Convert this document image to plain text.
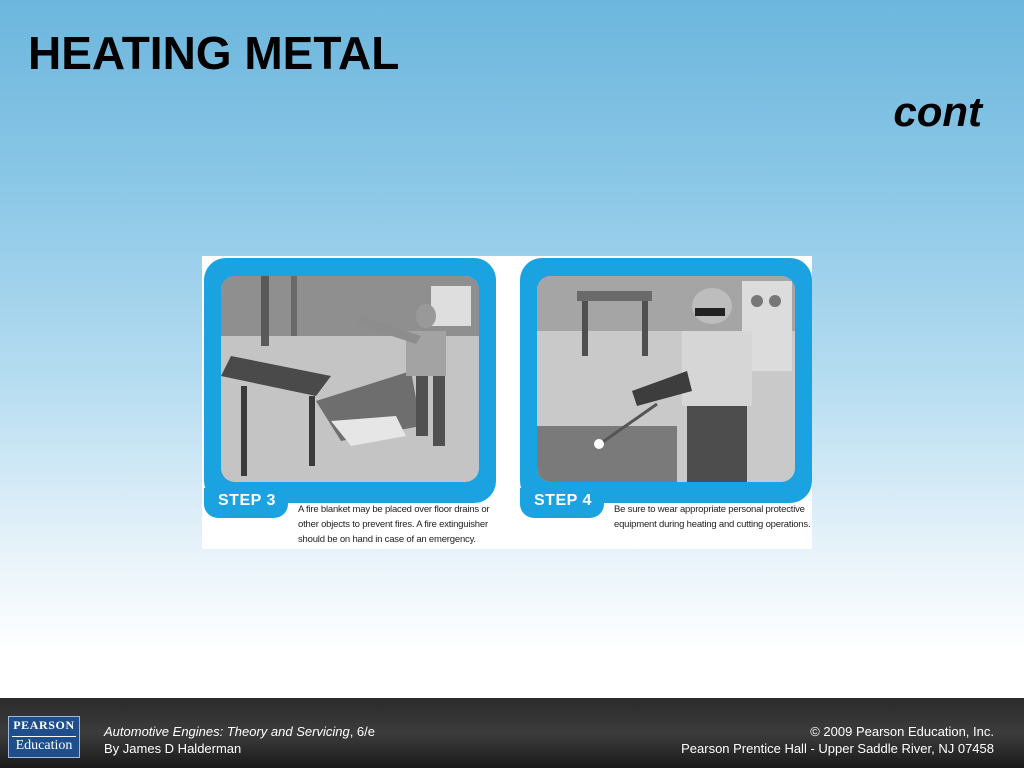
HEATING METAL
cont
STEP 3
A fire blanket may be placed over floor drains or other objects to prevent fires. A fire extinguisher should be on hand in case of an emergency.
STEP 4
Be sure to wear appropriate personal protective equipment during heating and cutting operations.
PEARSON
Education
Automotive Engines: Theory and Servicing, 6/e
By James D Halderman
© 2009 Pearson Education, Inc.
Pearson Prentice Hall - Upper Saddle River, NJ 07458
